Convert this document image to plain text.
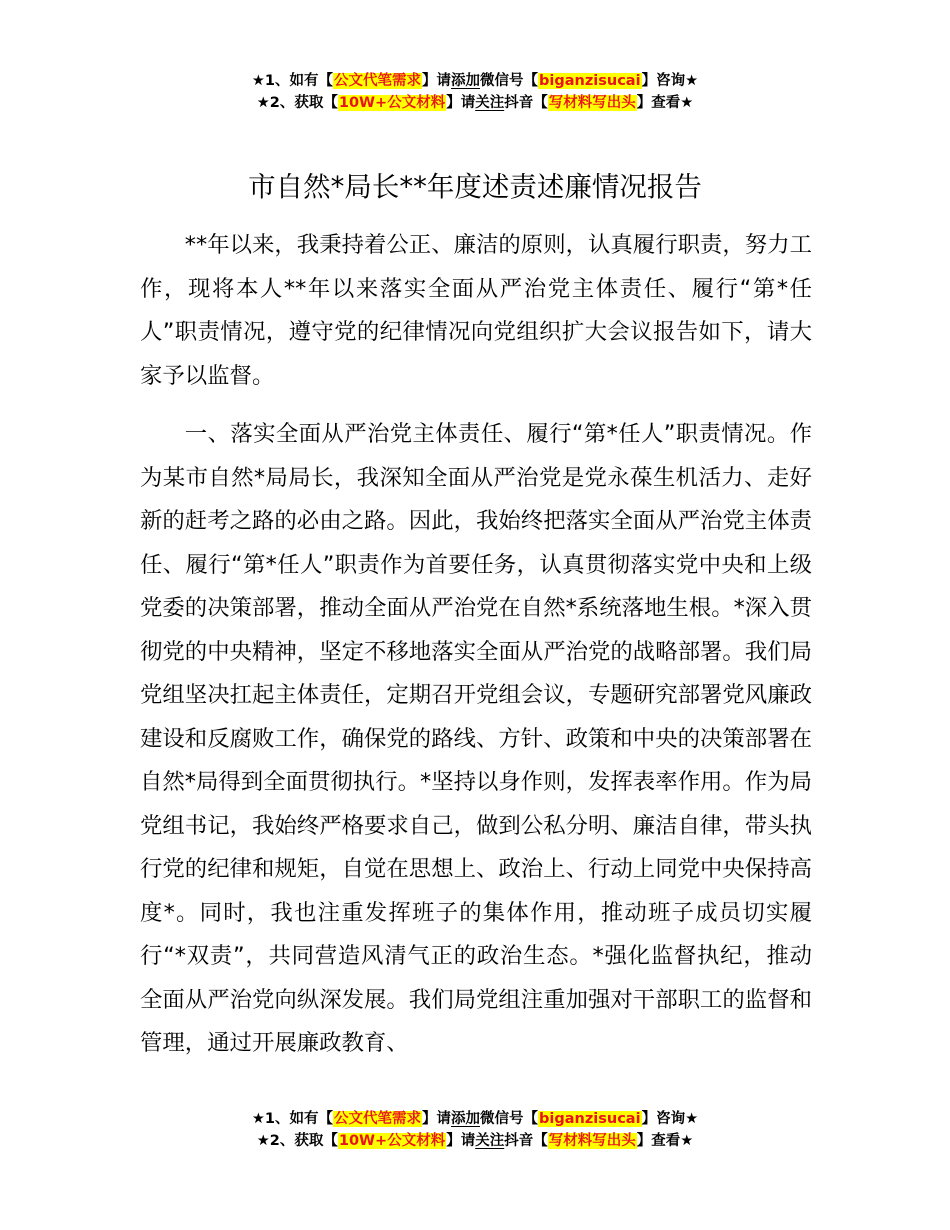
★1、如有【公文代笔需求】请添加微信号【biganzisucai】咨询★
★2、获取【10W+公文材料】请关注抖音【写材料写出头】查看★
市自然*局长**年度述责述廉情况报告

**年以来，我秉持着公正、廉洁的原则，认真履行职责，努力工作，现将本人**年以来落实全面从严治党主体责任、履行“第*任人”职责情况，遵守党的纪律情况向党组织扩大会议报告如下，请大家予以监督。

一、落实全面从严治党主体责任、履行“第*任人”职责情况。作为某市自然*局局长，我深知全面从严治党是党永葆生机活力、走好新的赶考之路的必由之路。因此，我始终把落实全面从严治党主体责任、履行“第*任人”职责作为首要任务，认真贯彻落实党中央和上级党委的决策部署，推动全面从严治党在自然*系统落地生根。*深入贯彻党的中央精神，坚定不移地落实全面从严治党的战略部署。我们局党组坚决扛起主体责任，定期召开党组会议，专题研究部署党风廉政建设和反腐败工作，确保党的路线、方针、政策和中央的决策部署在自然*局得到全面贯彻执行。*坚持以身作则，发挥表率作用。作为局党组书记，我始终严格要求自己，做到公私分明、廉洁自律，带头执行党的纪律和规矩，自觉在思想上、政治上、行动上同党中央保持高度*。同时，我也注重发挥班子的集体作用，推动班子成员切实履行“*双责”，共同营造风清气正的政治生态。*强化监督执纪，推动全面从严治党向纵深发展。我们局党组注重加强对干部职工的监督和管理，通过开展廉政教育、

★1、如有【公文代笔需求】请添加微信号【biganzisucai】咨询★
★2、获取【10W+公文材料】请关注抖音【写材料写出头】查看★
